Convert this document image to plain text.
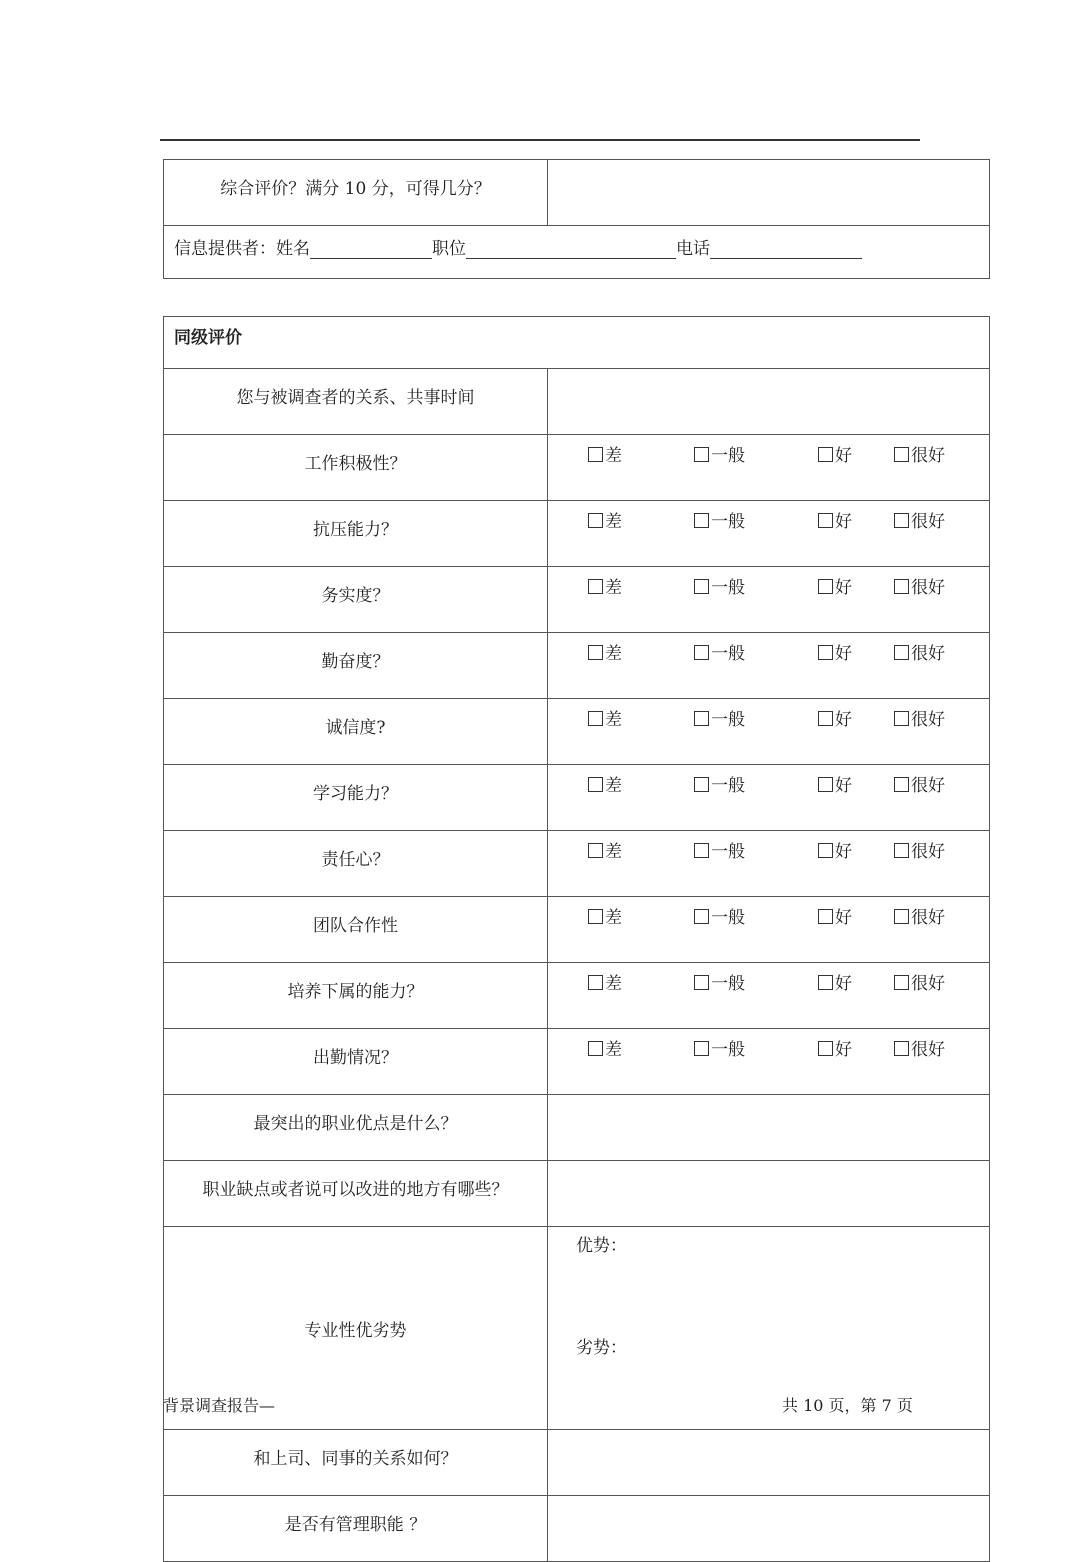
综合评价？满分 10 分，可得几分？	
信息提供者：姓名	职位	电话
同级评价	
您与被调查者的关系、共事时间	
工作积极性？	差 一般 好 很好

抗压能力？	差 一般 好 很好

务实度？	差 一般 好 很好

勤奋度？	差 一般 好 很好

诚信度?	差 一般 好 很好

学习能力？	差 一般 好 很好

责任心？	差 一般 好 很好

团队合作性	差 一般 好 很好

培养下属的能力？	差 一般 好 很好

出勤情况？	差 一般 好 很好

最突出的职业优点是什么？	
职业缺点或者说可以改进的地方有哪些？	
专业性优劣势	优势：
劣势：

和上司、同事的关系如何？	
是否有管理职能 ？	
背景调查报告—	共 10 页，第 7 页
